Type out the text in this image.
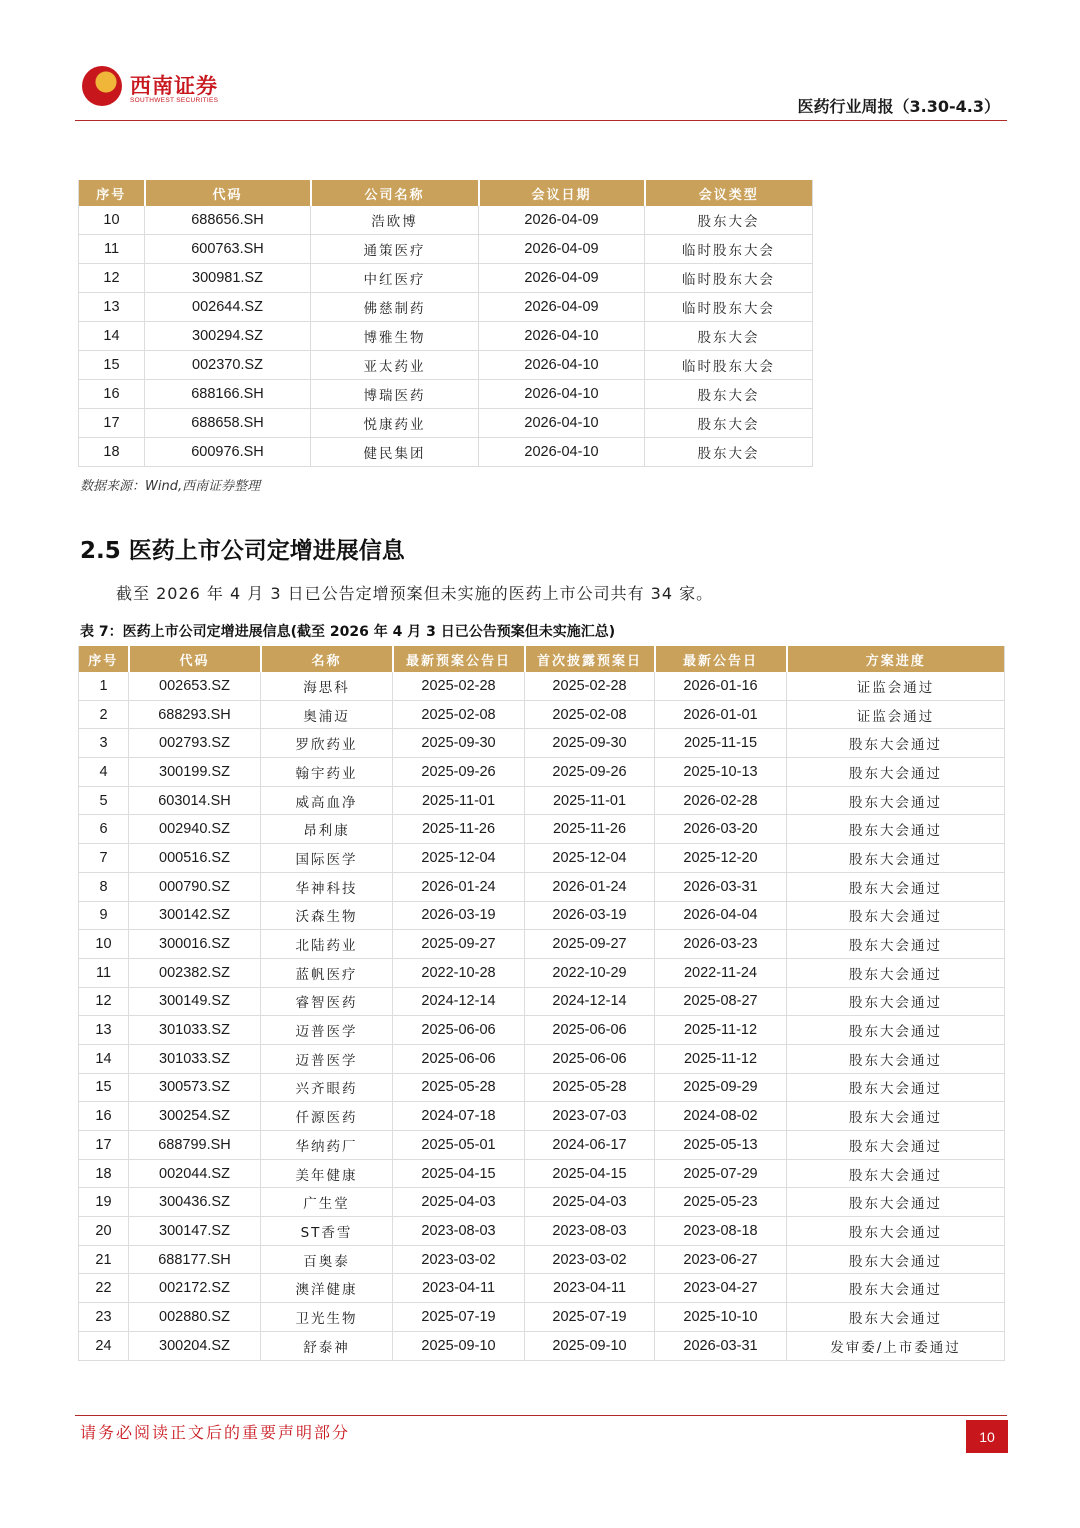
西南证券
SOUTHWEST SECURITIES	医药行业周报（3.30-4.3）
序号	代码	公司名称	会议日期	会议类型
10	688656.SH	浩欧博	2026-04-09	股东大会
11	600763.SH	通策医疗	2026-04-09	临时股东大会
12	300981.SZ	中红医疗	2026-04-09	临时股东大会
13	002644.SZ	佛慈制药	2026-04-09	临时股东大会
14	300294.SZ	博雅生物	2026-04-10	股东大会
15	002370.SZ	亚太药业	2026-04-10	临时股东大会
16	688166.SH	博瑞医药	2026-04-10	股东大会
17	688658.SH	悦康药业	2026-04-10	股东大会
18	600976.SH	健民集团	2026-04-10	股东大会
数据来源：Wind,西南证券整理
2.5 医药上市公司定增进展信息
截至 2026 年 4 月 3 日已公告定增预案但未实施的医药上市公司共有 34 家。
表 7：医药上市公司定增进展信息(截至 2026 年 4 月 3 日已公告预案但未实施汇总)
序号	代码	名称	最新预案公告日	首次披露预案日	最新公告日	方案进度
1	002653.SZ	海思科	2025-02-28	2025-02-28	2026-01-16	证监会通过
2	688293.SH	奥浦迈	2025-02-08	2025-02-08	2026-01-01	证监会通过
3	002793.SZ	罗欣药业	2025-09-30	2025-09-30	2025-11-15	股东大会通过
4	300199.SZ	翰宇药业	2025-09-26	2025-09-26	2025-10-13	股东大会通过
5	603014.SH	威高血净	2025-11-01	2025-11-01	2026-02-28	股东大会通过
6	002940.SZ	昂利康	2025-11-26	2025-11-26	2026-03-20	股东大会通过
7	000516.SZ	国际医学	2025-12-04	2025-12-04	2025-12-20	股东大会通过
8	000790.SZ	华神科技	2026-01-24	2026-01-24	2026-03-31	股东大会通过
9	300142.SZ	沃森生物	2026-03-19	2026-03-19	2026-04-04	股东大会通过
10	300016.SZ	北陆药业	2025-09-27	2025-09-27	2026-03-23	股东大会通过
11	002382.SZ	蓝帆医疗	2022-10-28	2022-10-29	2022-11-24	股东大会通过
12	300149.SZ	睿智医药	2024-12-14	2024-12-14	2025-08-27	股东大会通过
13	301033.SZ	迈普医学	2025-06-06	2025-06-06	2025-11-12	股东大会通过
14	301033.SZ	迈普医学	2025-06-06	2025-06-06	2025-11-12	股东大会通过
15	300573.SZ	兴齐眼药	2025-05-28	2025-05-28	2025-09-29	股东大会通过
16	300254.SZ	仟源医药	2024-07-18	2023-07-03	2024-08-02	股东大会通过
17	688799.SH	华纳药厂	2025-05-01	2024-06-17	2025-05-13	股东大会通过
18	002044.SZ	美年健康	2025-04-15	2025-04-15	2025-07-29	股东大会通过
19	300436.SZ	广生堂	2025-04-03	2025-04-03	2025-05-23	股东大会通过
20	300147.SZ	ST香雪	2023-08-03	2023-08-03	2023-08-18	股东大会通过
21	688177.SH	百奥泰	2023-03-02	2023-03-02	2023-06-27	股东大会通过
22	002172.SZ	澳洋健康	2023-04-11	2023-04-11	2023-04-27	股东大会通过
23	002880.SZ	卫光生物	2025-07-19	2025-07-19	2025-10-10	股东大会通过
24	300204.SZ	舒泰神	2025-09-10	2025-09-10	2026-03-31	发审委/上市委通过
请务必阅读正文后的重要声明部分	10
